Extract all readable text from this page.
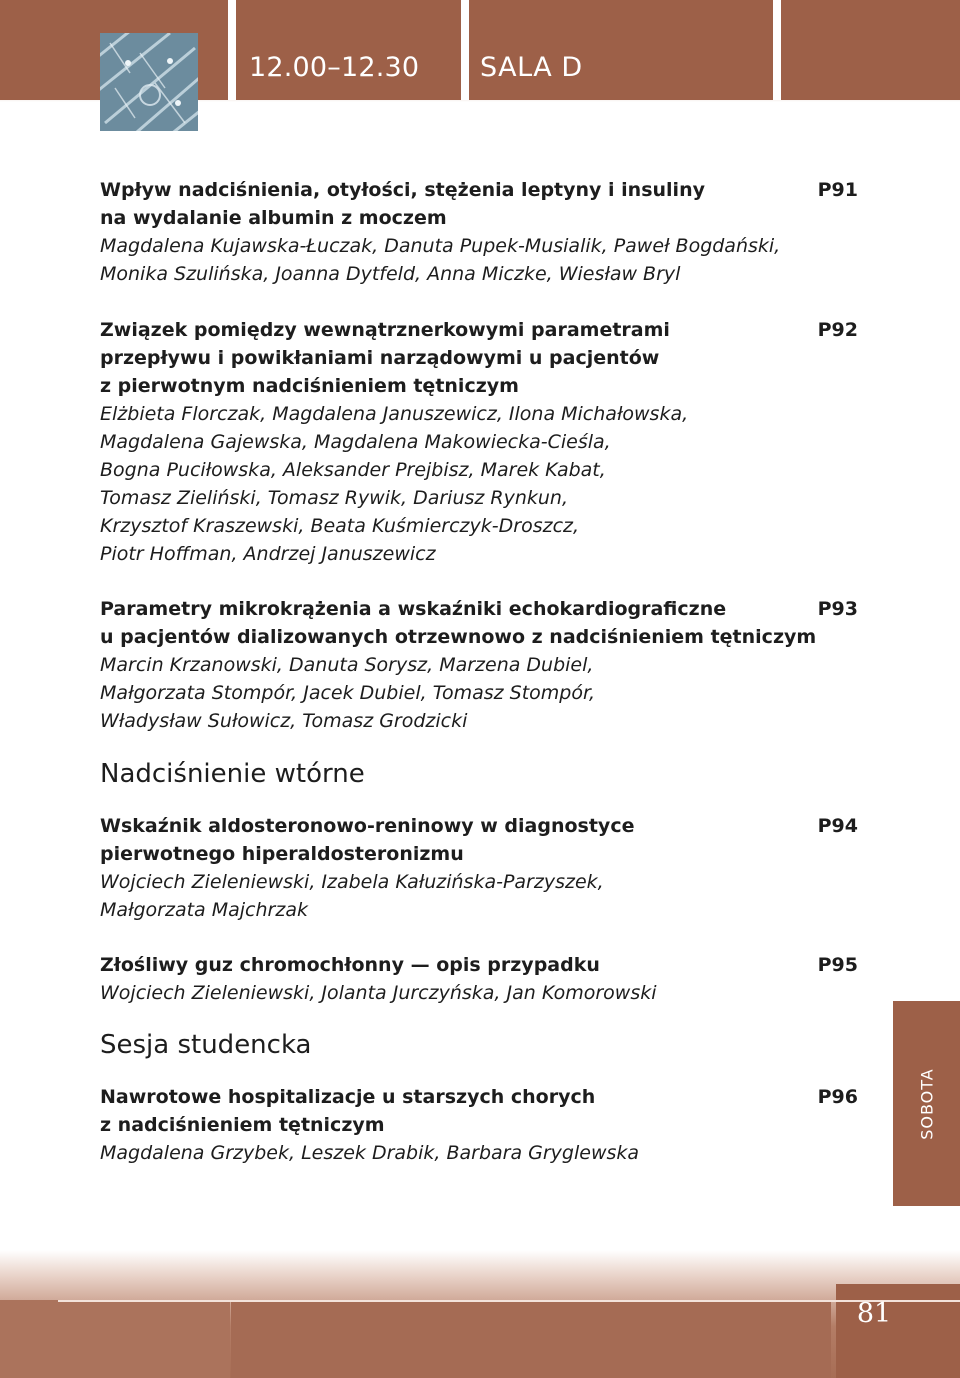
12.00–12.30 SALA D
Wpływ nadciśnienia, otyłości, stężenia leptyny i insuliny
na wydalanie albumin z moczem
P91
Magdalena Kujawska-Łuczak, Danuta Pupek-Musialik, Paweł Bogdański,
Monika Szulińska, Joanna Dytfeld, Anna Miczke, Wiesław Bryl
Związek pomiędzy wewnątrznerkowymi parametrami
przepływu i powikłaniami narządowymi u pacjentów
z pierwotnym nadciśnieniem tętniczym
P92
Elżbieta Florczak, Magdalena Januszewicz, Ilona Michałowska,
Magdalena Gajewska, Magdalena Makowiecka-Cieśla,
Bogna Puciłowska, Aleksander Prejbisz, Marek Kabat,
Tomasz Zieliński, Tomasz Rywik, Dariusz Rynkun,
Krzysztof Kraszewski, Beata Kuśmierczyk-Droszcz,
Piotr Hoffman, Andrzej Januszewicz
Parametry mikrokrążenia a wskaźniki echokardiograficzne
u pacjentów dializowanych otrzewnowo z nadciśnieniem tętniczym
P93
Marcin Krzanowski, Danuta Sorysz, Marzena Dubiel,
Małgorzata Stompór, Jacek Dubiel, Tomasz Stompór,
Władysław Sułowicz, Tomasz Grodzicki
Nadciśnienie wtórne
Wskaźnik aldosteronowo-reninowy w diagnostyce
pierwotnego hiperaldosteronizmu
P94
Wojciech Zieleniewski, Izabela Kałuzińska-Parzyszek,
Małgorzata Majchrzak
Złośliwy guz chromochłonny — opis przypadku	P95
Wojciech Zieleniewski, Jolanta Jurczyńska, Jan Komorowski
Sesja studencka
Nawrotowe hospitalizacje u starszych chorych
z nadciśnieniem tętniczym
P96
Magdalena Grzybek, Leszek Drabik, Barbara Gryglewska
SOBOTA
81
